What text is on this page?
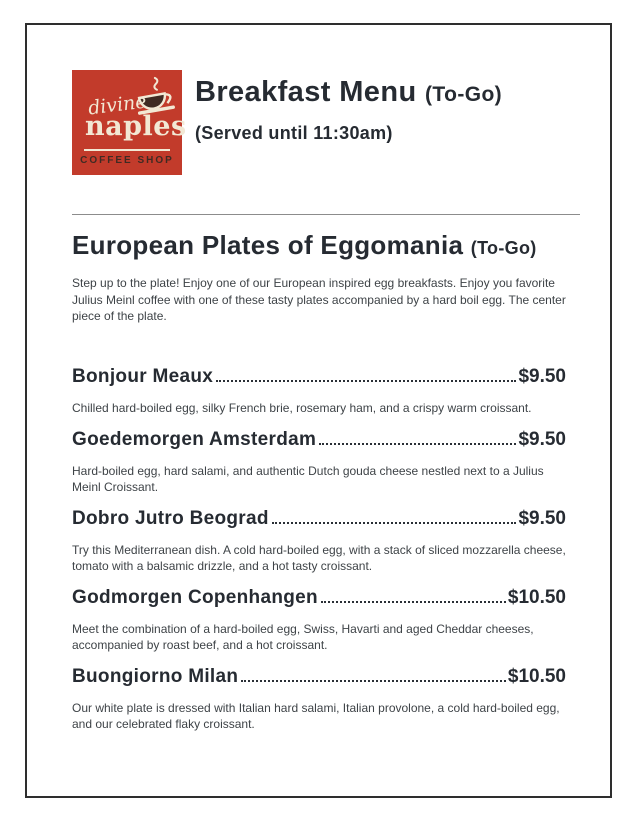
divine
naples
COFFEE SHOP
Breakfast Menu (To-Go)
(Served until 11:30am)
European Plates of Eggomania (To-Go)

Step up to the plate! Enjoy one of our European inspired egg breakfasts. Enjoy you favorite Julius Meinl coffee with one of these tasty plates accompanied by a hard boil egg. The center piece of the plate.

Bonjour Meaux	$9.50

Chilled hard-boiled egg, silky French brie, rosemary ham, and a crispy warm croissant.

Goedemorgen Amsterdam	$9.50

Hard-boiled egg, hard salami, and authentic Dutch gouda cheese nestled next to a Julius Meinl Croissant.

Dobro Jutro Beograd	$9.50

Try this Mediterranean dish. A cold hard-boiled egg, with a stack of sliced mozzarella cheese, tomato with a balsamic drizzle, and a hot tasty croissant.

Godmorgen Copenhangen	$10.50

Meet the combination of a hard-boiled egg, Swiss, Havarti and aged Cheddar cheeses, accompanied by roast beef, and a hot croissant.

Buongiorno Milan	$10.50

Our white plate is dressed with Italian hard salami, Italian provolone, a cold hard-boiled egg, and our celebrated flaky croissant.
